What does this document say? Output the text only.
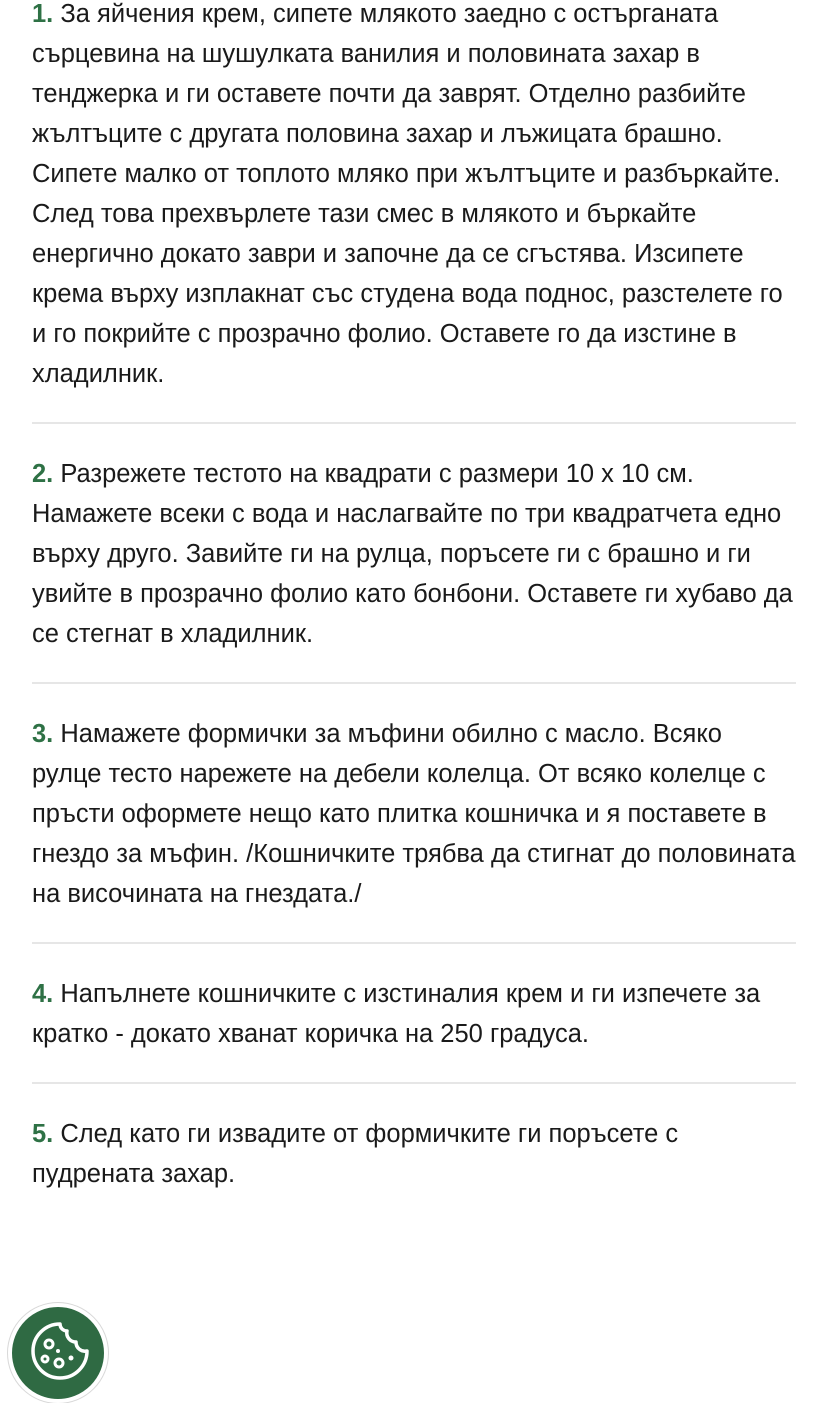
1. За яйчения крем, сипете млякото заедно с остърганата сърцевина на шушулката ванилия и половината захар в тенджерка и ги оставете почти да заврят. Отделно разбийте жълтъците с другата половина захар и лъжицата брашно. Сипете малко от топлото мляко при жълтъците и разбъркайте. След това прехвърлете тази смес в млякото и бъркайте енергично докато заври и започне да се сгъстява. Изсипете крема върху изплакнат със студена вода поднос, разстелете го и го покрийте с прозрачно фолио. Оставете го да изстине в хладилник.

2. Разрежете тестото на квадрати с размери 10 х 10 см. Намажете всеки с вода и наслагвайте по три квадратчета едно върху друго. Завийте ги на рулца, поръсете ги с брашно и ги увийте в прозрачно фолио като бонбони. Оставете ги хубаво да се стегнат в хладилник.

3. Намажете формички за мъфини обилно с масло. Всяко рулце тесто нарежете на дебели колелца. От всяко колелце с пръсти оформете нещо като плитка кошничка и я поставете в гнездо за мъфин. /Кошничките трябва да стигнат до половината на височината на гнездата./

4. Напълнете кошничките с изстиналия крем и ги изпечете за кратко - докато хванат коричка на 250 градуса.

5. След като ги извадите от формичките ги поръсете с пудрената захар.
